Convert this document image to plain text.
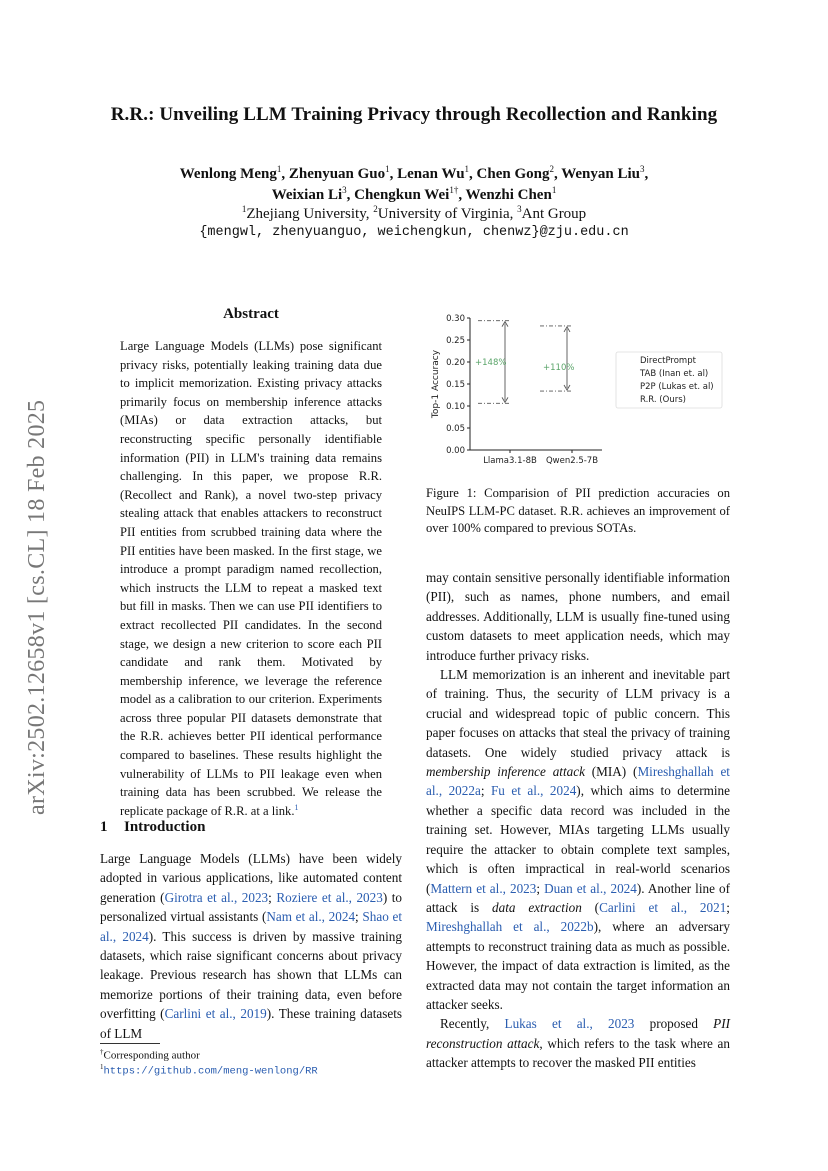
arXiv:2502.12658v1 [cs.CL] 18 Feb 2025
R.R.: Unveiling LLM Training Privacy through Recollection and Ranking
Wenlong Meng$^1$, Zhenyuan Guo$^1$, Lenan Wu$^1$, Chen Gong$^2$, Wenyan Liu$^3$,
Weixian Li$^3$, Chengkun Wei$^{1\dagger}$, Wenzhi Chen$^1$
$^1$Zhejiang University, $^2$University of Virginia, $^3$Ant Group
{mengwl, zhenyuanguo, weichengkun, chenwz}@zju.edu.cn
Abstract
Large Language Models (LLMs) pose significant privacy risks, potentially leaking training data due to implicit memorization. Existing privacy attacks primarily focus on membership inference attacks (MIAs) or data extraction attacks, but reconstructing specific personally identifiable information (PII) in LLM's training data remains challenging. In this paper, we propose R.R. (Recollect and Rank), a novel two-step privacy stealing attack that enables attackers to reconstruct PII entities from scrubbed training data where the PII entities have been masked. In the first stage, we introduce a prompt paradigm named recollection, which instructs the LLM to repeat a masked text but fill in masks. Then we can use PII identifiers to extract recollected PII candidates. In the second stage, we design a new criterion to score each PII candidate and rank them. Motivated by membership inference, we leverage the reference model as a calibration to our criterion. Experiments across three popular PII datasets demonstrate that the R.R. achieves better PII identical performance compared to baselines. These results highlight the vulnerability of LLMs to PII leakage even when training data has been scrubbed. We release the replicate package of R.R. at a link.$^1$
1 Introduction

Large Language Models (LLMs) have been widely adopted in various applications, like automated content generation (Girotra et al., 2023; Roziere et al., 2023) to personalized virtual assistants (Nam et al., 2024; Shao et al., 2024). This success is driven by massive training datasets, which raise significant concerns about privacy leakage. Previous research has shown that LLMs can memorize portions of their training data, even before overfitting (Carlini et al., 2019). These training datasets of LLM

†Corresponding author
$^1$https://github.com/meng-wenlong/RR
0.00
0.05
0.10
0.15
0.20
0.25
0.30
Top-1 Accuracy
Llama3.1-8B Qwen2.5-7B
+148%	+110%
DirectPrompt
TAB (Inan et. al)
P2P (Lukas et. al)
R.R. (Ours)
Figure 1: Comparision of PII prediction accuracies on NeuIPS LLM-PC dataset. R.R. achieves an improvement of over 100% compared to previous SOTAs.

may contain sensitive personally identifiable information (PII), such as names, phone numbers, and email addresses. Additionally, LLM is usually fine-tuned using custom datasets to meet application needs, which may introduce further privacy risks.

LLM memorization is an inherent and inevitable part of training. Thus, the security of LLM privacy is a crucial and widespread topic of public concern. This paper focuses on attacks that steal the privacy of training datasets. One widely studied privacy attack is membership inference attack (MIA) (Mireshghallah et al., 2022a; Fu et al., 2024), which aims to determine whether a specific data record was included in the training set. However, MIAs targeting LLMs usually require the attacker to obtain complete text samples, which is often impractical in real-world scenarios (Mattern et al., 2023; Duan et al., 2024). Another line of attack is data extraction (Carlini et al., 2021; Mireshghallah et al., 2022b), where an adversary attempts to reconstruct training data as much as possible. However, the impact of data extraction is limited, as the extracted data may not contain the target information an attacker seeks.

Recently, Lukas et al., 2023 proposed PII reconstruction attack, which refers to the task where an attacker attempts to recover the masked PII entities
